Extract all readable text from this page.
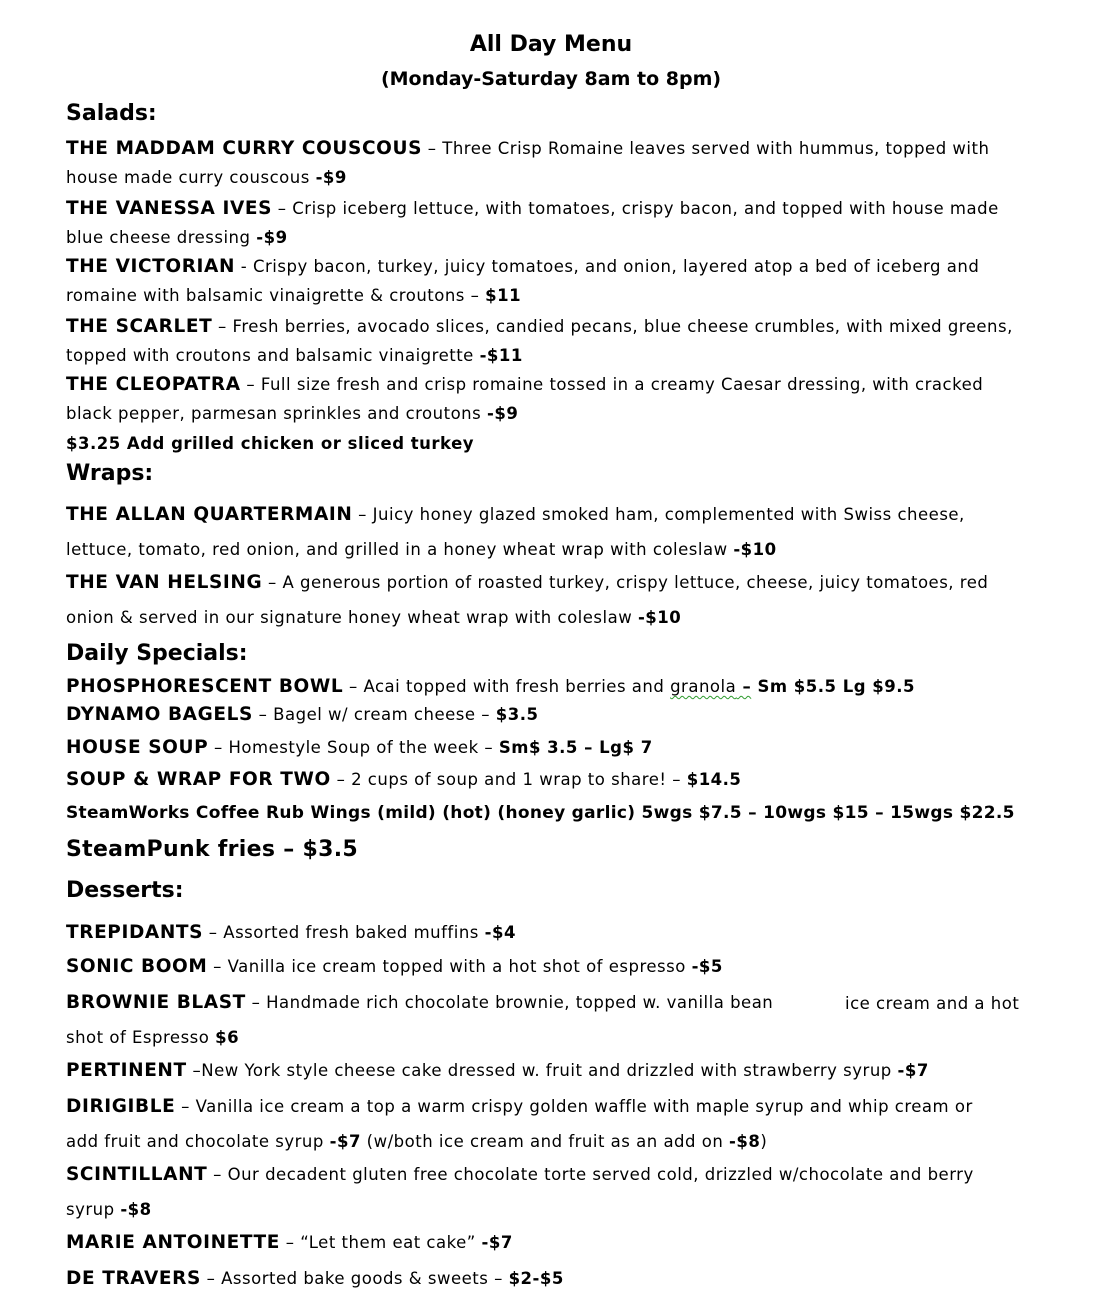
All Day Menu
(Monday-Saturday 8am to 8pm)
Salads:
THE MADDAM CURRY COUSCOUS – Three Crisp Romaine leaves served with hummus, topped with
house made curry couscous -$9
THE VANESSA IVES – Crisp iceberg lettuce, with tomatoes, crispy bacon, and topped with house made
blue cheese dressing -$9
THE VICTORIAN - Crispy bacon, turkey, juicy tomatoes, and onion, layered atop a bed of iceberg and
romaine with balsamic vinaigrette & croutons – $11
THE SCARLET – Fresh berries, avocado slices, candied pecans, blue cheese crumbles, with mixed greens,
topped with croutons and balsamic vinaigrette -$11
THE CLEOPATRA – Full size fresh and crisp romaine tossed in a creamy Caesar dressing, with cracked
black pepper, parmesan sprinkles and croutons -$9
$3.25 Add grilled chicken or sliced turkey
Wraps:
THE ALLAN QUARTERMAIN – Juicy honey glazed smoked ham, complemented with Swiss cheese,
lettuce, tomato, red onion, and grilled in a honey wheat wrap with coleslaw -$10
THE VAN HELSING – A generous portion of roasted turkey, crispy lettuce, cheese, juicy tomatoes, red
onion & served in our signature honey wheat wrap with coleslaw -$10
Daily Specials:
PHOSPHORESCENT BOWL – Acai topped with fresh berries and granola – Sm $5.5 Lg $9.5
DYNAMO BAGELS – Bagel w/ cream cheese – $3.5
HOUSE SOUP – Homestyle Soup of the week – Sm$ 3.5 – Lg$ 7
SOUP & WRAP FOR TWO – 2 cups of soup and 1 wrap to share! – $14.5
SteamWorks Coffee Rub Wings (mild) (hot) (honey garlic) 5wgs $7.5 – 10wgs $15 – 15wgs $22.5
SteamPunk fries – $3.5
Desserts:
TREPIDANTS – Assorted fresh baked muffins -$4
SONIC BOOM – Vanilla ice cream topped with a hot shot of espresso -$5
BROWNIE BLAST – Handmade rich chocolate brownie, topped w. vanilla bean	ice cream and a hot
shot of Espresso $6
PERTINENT –New York style cheese cake dressed w. fruit and drizzled with strawberry syrup -$7
DIRIGIBLE – Vanilla ice cream a top a warm crispy golden waffle with maple syrup and whip cream or
add fruit and chocolate syrup -$7 (w/both ice cream and fruit as an add on -$8)
SCINTILLANT – Our decadent gluten free chocolate torte served cold, drizzled w/chocolate and berry
syrup -$8
MARIE ANTOINETTE – “Let them eat cake” -$7
DE TRAVERS – Assorted bake goods & sweets – $2-$5
